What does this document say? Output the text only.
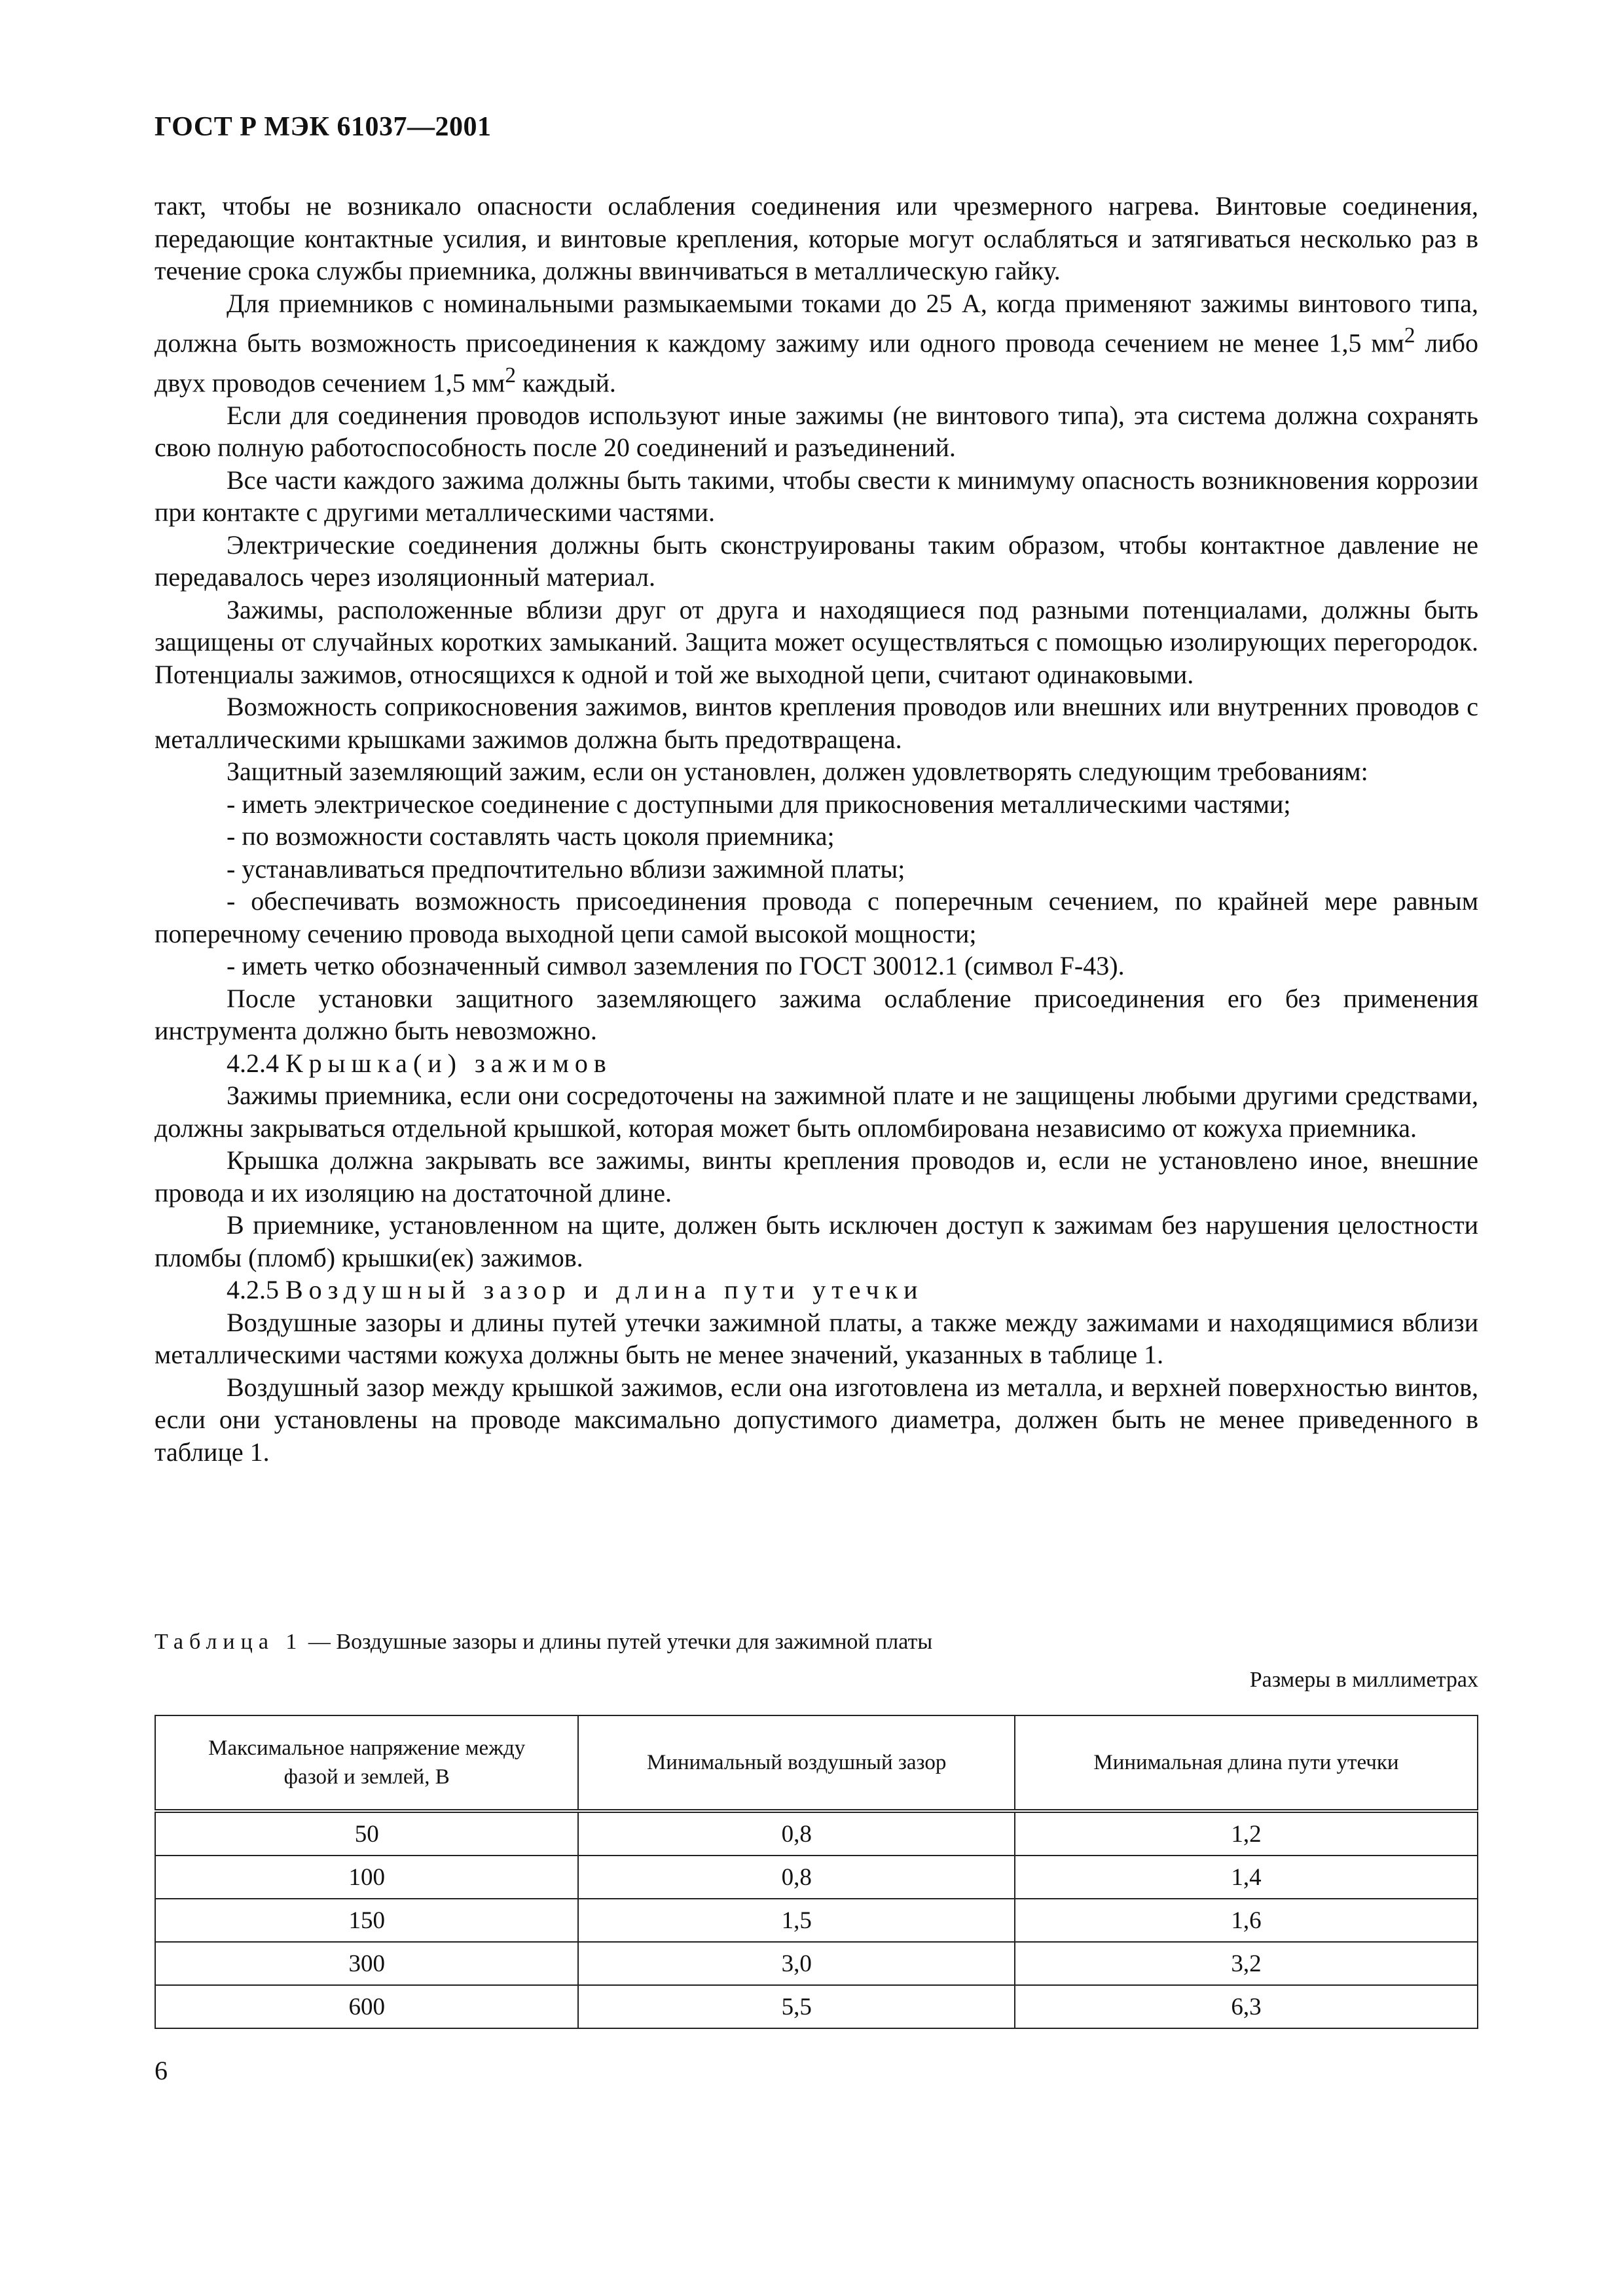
ГОСТ Р МЭК 61037—2001

такт, чтобы не возникало опасности ослабления соединения или чрезмерного нагрева. Винтовые соединения, передающие контактные усилия, и винтовые крепления, которые могут ослабляться и затягиваться несколько раз в течение срока службы приемника, должны ввинчиваться в металлическую гайку.

Для приемников с номинальными размыкаемыми токами до 25 А, когда применяют зажимы винтового типа, должна быть возможность присоединения к каждому зажиму или одного провода сечением не менее 1,5 $мм^2$ либо двух проводов сечением 1,5 $мм^2$ каждый.

Если для соединения проводов используют иные зажимы (не винтового типа), эта система должна сохранять свою полную работоспособность после 20 соединений и разъединений.

Все части каждого зажима должны быть такими, чтобы свести к минимуму опасность возникновения коррозии при контакте с другими металлическими частями.

Электрические соединения должны быть сконструированы таким образом, чтобы контактное давление не передавалось через изоляционный материал.

Зажимы, расположенные вблизи друг от друга и находящиеся под разными потенциалами, должны быть защищены от случайных коротких замыканий. Защита может осуществляться с помощью изолирующих перегородок. Потенциалы зажимов, относящихся к одной и той же выходной цепи, считают одинаковыми.

Возможность соприкосновения зажимов, винтов крепления проводов или внешних или внутренних проводов с металлическими крышками зажимов должна быть предотвращена.

Защитный заземляющий зажим, если он установлен, должен удовлетворять следующим требованиям:

- иметь электрическое соединение с доступными для прикосновения металлическими частями;

- по возможности составлять часть цоколя приемника;

- устанавливаться предпочтительно вблизи зажимной платы;

- обеспечивать возможность присоединения провода с поперечным сечением, по крайней мере равным поперечному сечению провода выходной цепи самой высокой мощности;

- иметь четко обозначенный символ заземления по ГОСТ 30012.1 (символ F-43).

После установки защитного заземляющего зажима ослабление присоединения его без применения инструмента должно быть невозможно.

4.2.4 Крышка(и) зажимов

Зажимы приемника, если они сосредоточены на зажимной плате и не защищены любыми другими средствами, должны закрываться отдельной крышкой, которая может быть опломбирована независимо от кожуха приемника.

Крышка должна закрывать все зажимы, винты крепления проводов и, если не установлено иное, внешние провода и их изоляцию на достаточной длине.

В приемнике, установленном на щите, должен быть исключен доступ к зажимам без нарушения целостности пломбы (пломб) крышки(ек) зажимов.

4.2.5 Воздушный зазор и длина пути утечки

Воздушные зазоры и длины путей утечки зажимной платы, а также между зажимами и находящимися вблизи металлическими частями кожуха должны быть не менее значений, указанных в таблице 1.

Воздушный зазор между крышкой зажимов, если она изготовлена из металла, и верхней поверхностью винтов, если они установлены на проводе максимально допустимого диаметра, должен быть не менее приведенного в таблице 1.

Таблица 1 — Воздушные зазоры и длины путей утечки для зажимной платы
Размеры в миллиметрах
Максимальное напряжение между фазой и землей, В	Минимальный воздушный зазор	Минимальная длина пути утечки
50	0,8	1,2
100	0,8	1,4
150	1,5	1,6
300	3,0	3,2
600	5,5	6,3
6
